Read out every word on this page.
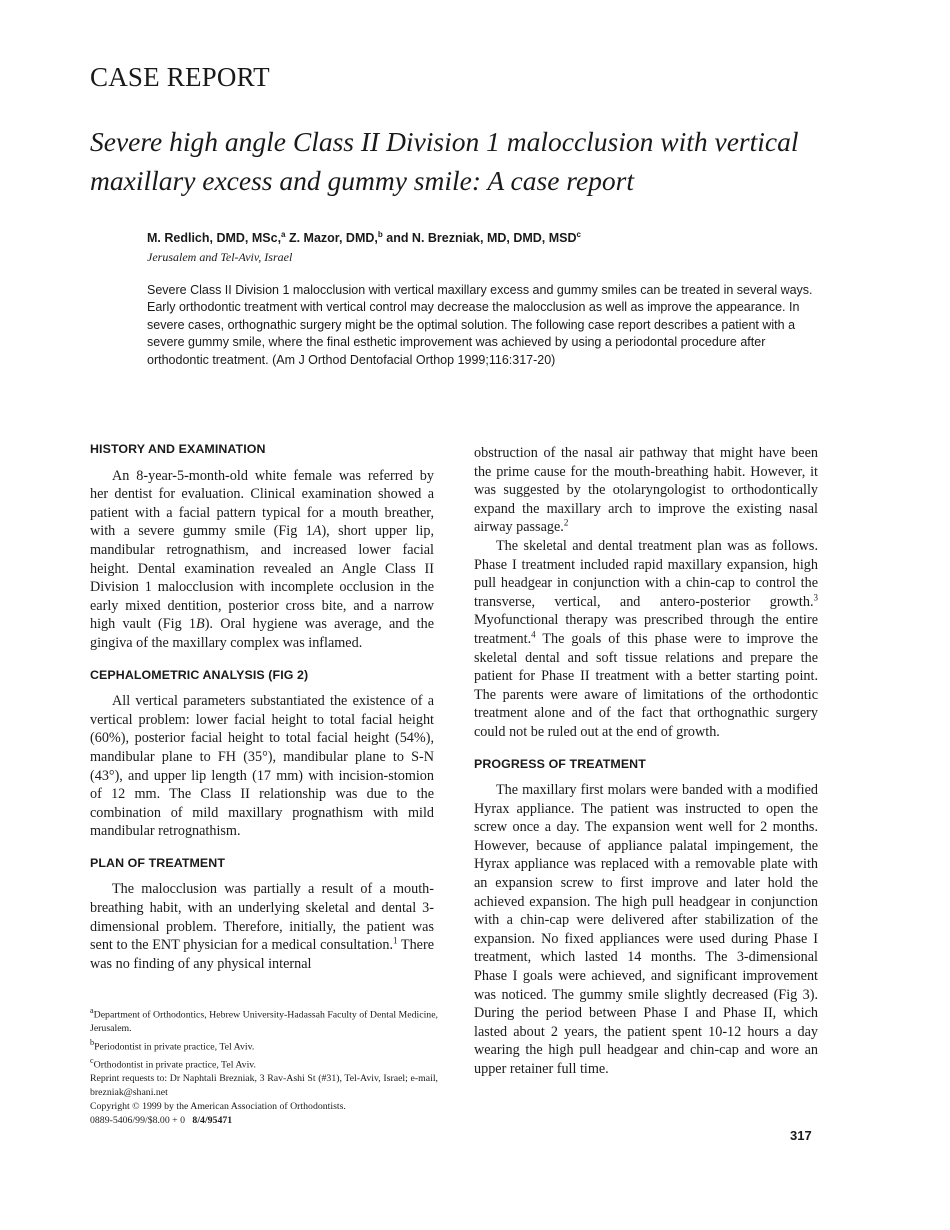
CASE REPORT
Severe high angle Class II Division 1 malocclusion with vertical maxillary excess and gummy smile: A case report
M. Redlich, DMD, MSc,$^a$ Z. Mazor, DMD,$^b$ and N. Brezniak, MD, DMD, MSD$^c$
Jerusalem and Tel-Aviv, Israel
Severe Class II Division 1 malocclusion with vertical maxillary excess and gummy smiles can be treated in several ways. Early orthodontic treatment with vertical control may decrease the malocclusion as well as improve the appearance. In severe cases, orthognathic surgery might be the optimal solution. The following case report describes a patient with a severe gummy smile, where the final esthetic improvement was achieved by using a periodontal procedure after orthodontic treatment. (Am J Orthod Dentofacial Orthop 1999;116:317-20)
HISTORY AND EXAMINATION

An 8-year-5-month-old white female was referred by her dentist for evaluation. Clinical examination showed a patient with a facial pattern typical for a mouth breather, with a severe gummy smile (Fig 1A), short upper lip, mandibular retrognathism, and increased lower facial height. Dental examination revealed an Angle Class II Division 1 malocclusion with incomplete occlusion in the early mixed dentition, posterior cross bite, and a narrow high vault (Fig 1B). Oral hygiene was average, and the gingiva of the maxillary complex was inflamed.

CEPHALOMETRIC ANALYSIS (FIG 2)

All vertical parameters substantiated the existence of a vertical problem: lower facial height to total facial height (60%), posterior facial height to total facial height (54%), mandibular plane to FH (35°), mandibular plane to S-N (43°), and upper lip length (17 mm) with incision-stomion of 12 mm. The Class II relationship was due to the combination of mild maxillary prognathism with mild mandibular retrognathism.

PLAN OF TREATMENT

The malocclusion was partially a result of a mouth-breathing habit, with an underlying skeletal and dental 3-dimensional problem. Therefore, initially, the patient was sent to the ENT physician for a medical consultation.$^1$ There was no finding of any physical internal

obstruction of the nasal air pathway that might have been the prime cause for the mouth-breathing habit. However, it was suggested by the otolaryngologist to orthodontically expand the maxillary arch to improve the existing nasal airway passage.$^2$

The skeletal and dental treatment plan was as follows. Phase I treatment included rapid maxillary expansion, high pull headgear in conjunction with a chin-cap to control the transverse, vertical, and antero-posterior growth.$^3$ Myofunctional therapy was prescribed through the entire treatment.$^4$ The goals of this phase were to improve the skeletal dental and soft tissue relations and prepare the patient for Phase II treatment with a better starting point. The parents were aware of limitations of the orthodontic treatment alone and of the fact that orthognathic surgery could not be ruled out at the end of growth.

PROGRESS OF TREATMENT

The maxillary first molars were banded with a modified Hyrax appliance. The patient was instructed to open the screw once a day. The expansion went well for 2 months. However, because of appliance palatal impingement, the Hyrax appliance was replaced with a removable plate with an expansion screw to first improve and later hold the achieved expansion. The high pull headgear in conjunction with a chin-cap were delivered after stabilization of the expansion. No fixed appliances were used during Phase I treatment, which lasted 14 months. The 3-dimensional Phase I goals were achieved, and significant improvement was noticed. The gummy smile slightly decreased (Fig 3). During the period between Phase I and Phase II, which lasted about 2 years, the patient spent 10-12 hours a day wearing the high pull headgear and chin-cap and wore an upper retainer full time.

$^a$Department of Orthodontics, Hebrew University-Hadassah Faculty of Dental Medicine, Jerusalem.
$^b$Periodontist in private practice, Tel Aviv.
$^c$Orthodontist in private practice, Tel Aviv.
Reprint requests to: Dr Naphtali Brezniak, 3 Rav-Ashi St (#31), Tel-Aviv, Israel; e-mail, brezniak@shani.net
Copyright © 1999 by the American Association of Orthodontists.
0889-5406/99/$8.00 + 0 8/4/95471
317
